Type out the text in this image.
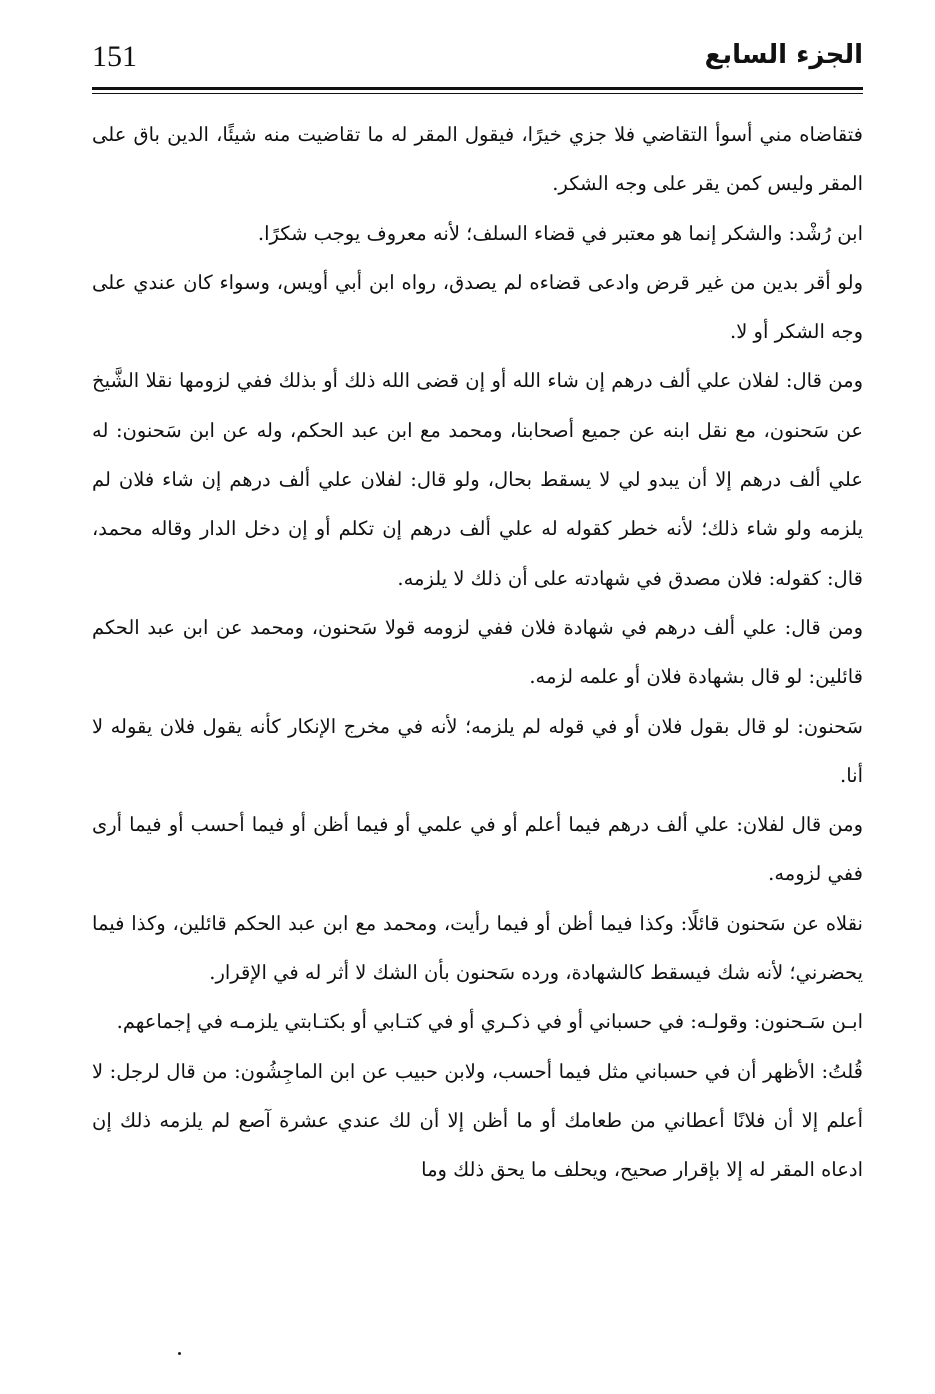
الجزء السابع
151

فتقاضاه مني أسوأ التقاضي فلا جزي خيرًا، فيقول المقر له ما تقاضيت منه شيئًا، الدين باق على المقر وليس كمن يقر على وجه الشكر.

ابن رُشْد: والشكر إنما هو معتبر في قضاء السلف؛ لأنه معروف يوجب شكرًا.

ولو أقر بدين من غير قرض وادعى قضاءه لم يصدق، رواه ابن أبي أويس، وسواء كان عندي على وجه الشكر أو لا.

ومن قال: لفلان علي ألف درهم إن شاء الله أو إن قضى الله ذلك أو بذلك ففي لزومها نقلا الشَّيخ عن سَحنون، مع نقل ابنه عن جميع أصحابنا، ومحمد مع ابن عبد الحكم، وله عن ابن سَحنون: له علي ألف درهم إلا أن يبدو لي لا يسقط بحال، ولو قال: لفلان علي ألف درهم إن شاء فلان لم يلزمه ولو شاء ذلك؛ لأنه خطر كقوله له علي ألف درهم إن تكلم أو إن دخل الدار وقاله محمد، قال: كقوله: فلان مصدق في شهادته على أن ذلك لا يلزمه.

ومن قال: علي ألف درهم في شهادة فلان ففي لزومه قولا سَحنون، ومحمد عن ابن عبد الحكم قائلين: لو قال بشهادة فلان أو علمه لزمه.

سَحنون: لو قال بقول فلان أو في قوله لم يلزمه؛ لأنه في مخرج الإنكار كأنه يقول فلان يقوله لا أنا.

ومن قال لفلان: علي ألف درهم فيما أعلم أو في علمي أو فيما أظن أو فيما أحسب أو فيما أرى ففي لزومه.

نقلاه عن سَحنون قائلًا: وكذا فيما أظن أو فيما رأيت، ومحمد مع ابن عبد الحكم قائلين، وكذا فيما يحضرني؛ لأنه شك فيسقط كالشهادة، ورده سَحنون بأن الشك لا أثر له في الإقرار.

ابـن سَـحنون: وقولـه: في حسباني أو في ذكـري أو في كتـابي أو بكتـابتي يلزمـه في إجماعهم.

قُلتُ: الأظهر أن في حسباني مثل فيما أحسب، ولابن حبيب عن ابن الماجِشُون: من قال لرجل: لا أعلم إلا أن فلانًا أعطاني من طعامك أو ما أظن إلا أن لك عندي عشرة آصع لم يلزمه ذلك إن ادعاه المقر له إلا بإقرار صحيح، ويحلف ما يحق ذلك وما
